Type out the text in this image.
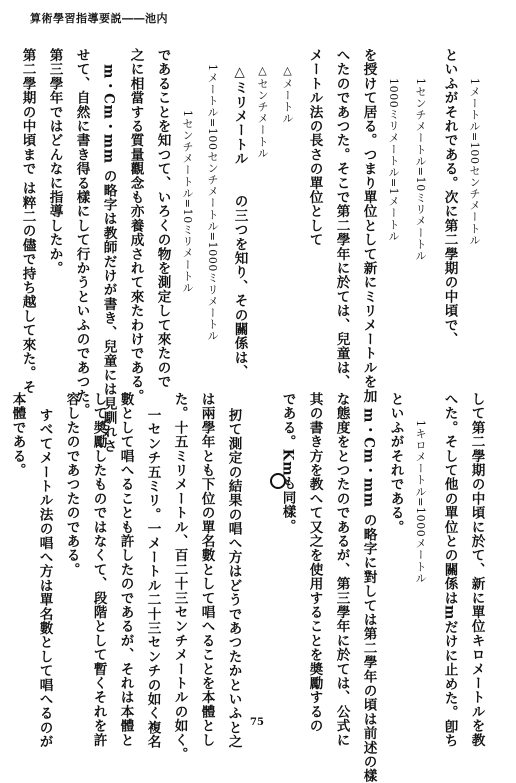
算術學習指導要説――池内
1メートル=100センチメートル
といふがそれである。次に第二學期の中頃で、
1センチメートル=10ミリメートル
1000ミリメートル=1メートル
を授けて居る。つまり單位として新にミリメートルを加
へたのであつた。そこで第二學年に於ては、兒童は、
メートル法の長さの單位として
△メートル
△センチメートル
△ミリメートル　　の三つを知り、その關係は、
1メートル=100センチメートル=1000ミリメートル
1センチメートル=10ミリメートル
であることを知つて、いろくの物を測定して來たので
之に相當する質量觀念も亦養成されて來たわけである。
m・Cm・mm の略字は教師だけが書き、兒童には見馴れさ
せて、自然に書き得る樣にして行かうといふのであつた。
第三學年ではどんなに指導したか。
第二學期の中頃まで は粹二の儘で持ち越して來た。そ
して第二學期の中頃に於て、新に單位キロメートルを教
へた。そして他の單位との關係はmだけに止めた。卽ち
1キロメートル=1000メートル
といふがそれである。
m・Cm・mm の略字に對しては第二學年の頃は前述の樣
な態度をとつたのであるが、第三學年に於ては、公式に
其の書き方を教へて又之を使用することを奬勵するの
である。Kmも同樣。
扨て測定の結果の唱へ方はどうであつたかといふと之
は兩學年とも下位の單名數として唱へることを本體とし
た。十五ミリメートル、百二十三センチメートルの如く。
一センチ五ミリ。一メートル二十三センチの如く複名
數として唱へることも許したのであるが、それは本體と
して奬勵したものではなくて、段階として暫くそれを許
容したのであつたのである。
すべてメートル法の唱へ方は單名數として唱へるのが
本體である。
75
